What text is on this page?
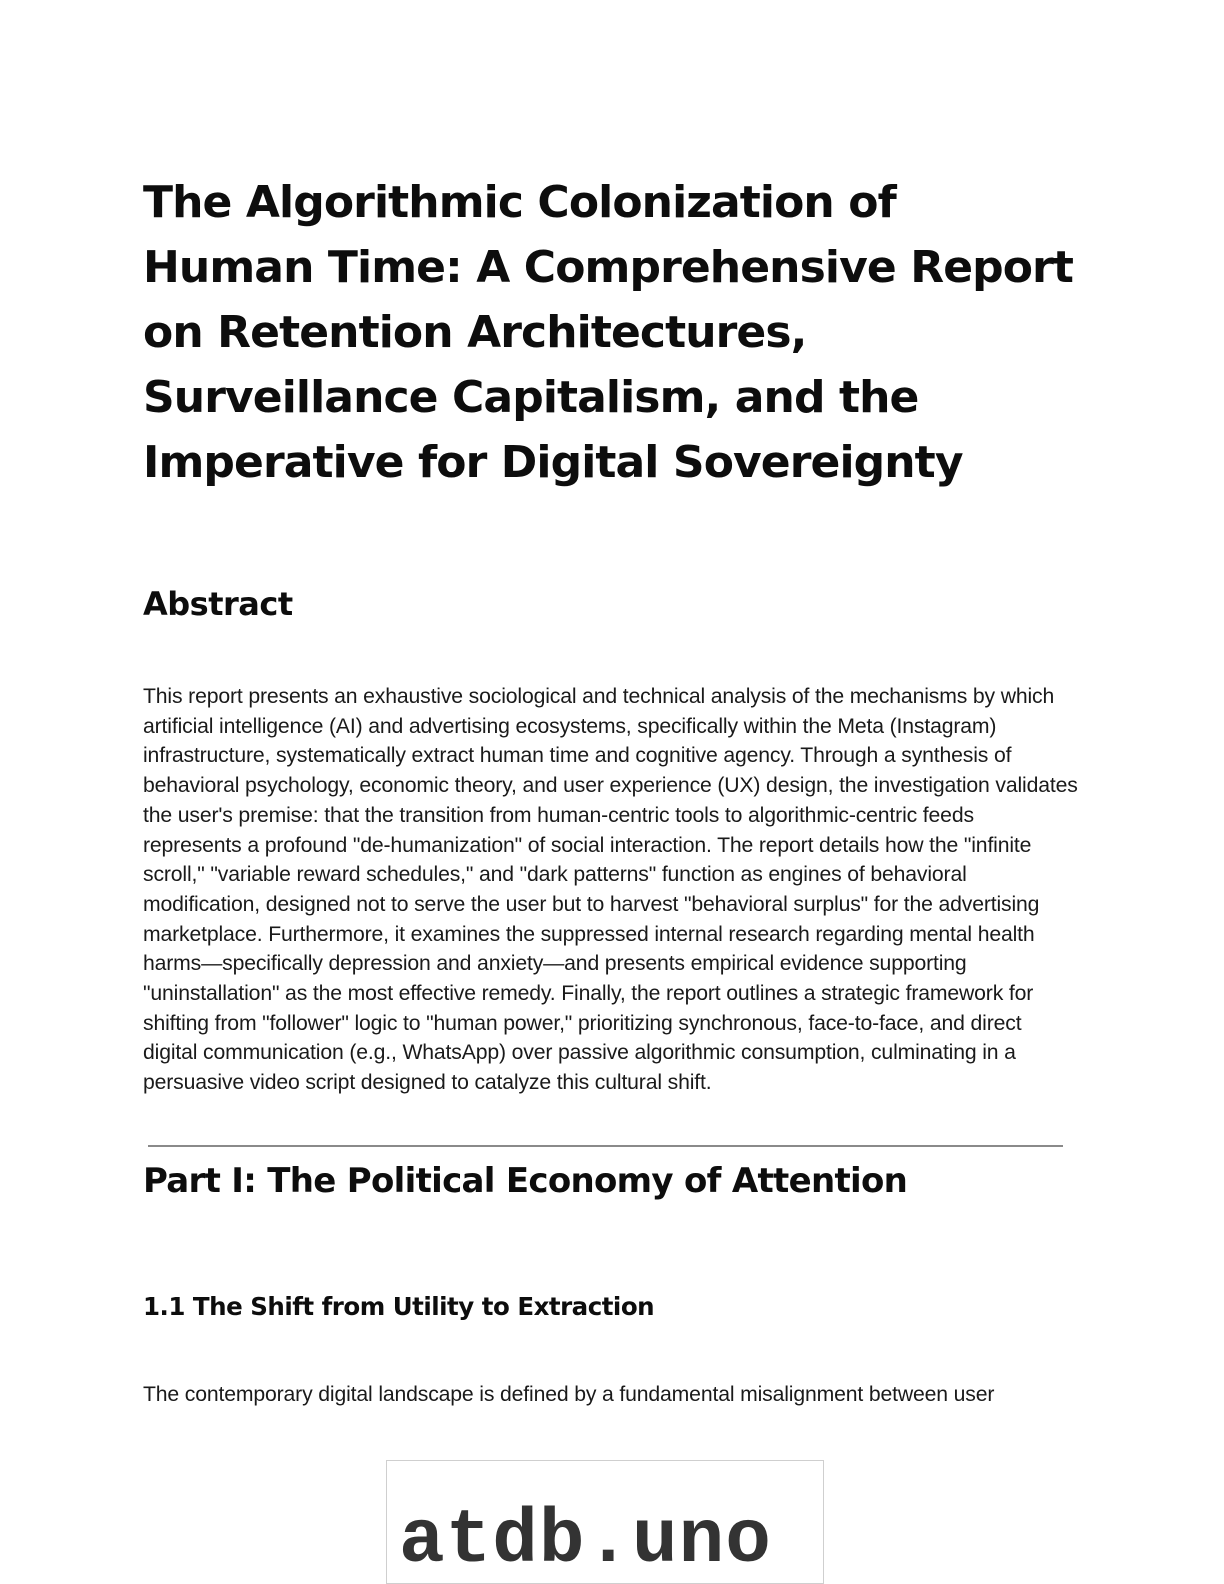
The Algorithmic Colonization of Human Time: A Comprehensive Report on Retention Architectures, Surveillance Capitalism, and the Imperative for Digital Sovereignty
Abstract

This report presents an exhaustive sociological and technical analysis of the mechanisms by which artificial intelligence (AI) and advertising ecosystems, specifically within the Meta (Instagram) infrastructure, systematically extract human time and cognitive agency. Through a synthesis of behavioral psychology, economic theory, and user experience (UX) design, the investigation validates the user's premise: that the transition from human-centric tools to algorithmic-centric feeds represents a profound "de-humanization" of social interaction. The report details how the "infinite scroll," "variable reward schedules," and "dark patterns" function as engines of behavioral modification, designed not to serve the user but to harvest "behavioral surplus" for the advertising marketplace. Furthermore, it examines the suppressed internal research regarding mental health harms—specifically depression and anxiety—and presents empirical evidence supporting "uninstallation" as the most effective remedy. Finally, the report outlines a strategic framework for shifting from "follower" logic to "human power," prioritizing synchronous, face-to-face, and direct digital communication (e.g., WhatsApp) over passive algorithmic consumption, culminating in a persuasive video script designed to catalyze this cultural shift.

Part I: The Political Economy of Attention
1.1 The Shift from Utility to Extraction

The contemporary digital landscape is defined by a fundamental misalignment between user

atdb.uno
